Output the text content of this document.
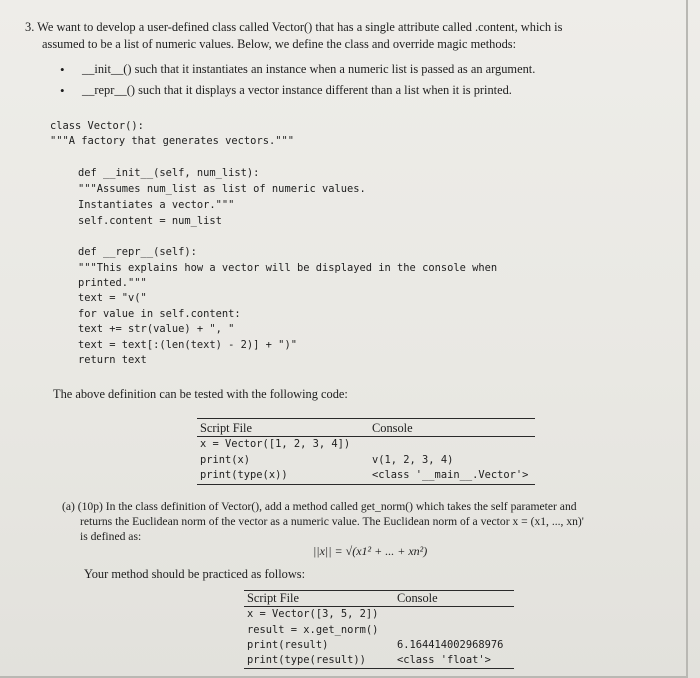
3. We want to develop a user-defined class called Vector() that has a single attribute called .content, which is
assumed to be a list of numeric values. Below, we define the class and override magic methods:
• __init__() such that it instantiates an instance when a numeric list is passed as an argument.
• __repr__() such that it displays a vector instance different than a list when it is printed.
class Vector():
"""A factory that generates vectors."""
def __init__(self, num_list):
"""Assumes num_list as list of numeric values.
Instantiates a vector."""
self.content = num_list
def __repr__(self):
"""This explains how a vector will be displayed in the console when
printed."""
text = "v("
for value in self.content:
text += str(value) + ", "
text = text[:(len(text) - 2)] + ")"
return text
The above definition can be tested with the following code:
Script File	Console
x = Vector([1, 2, 3, 4])
print(x)
print(type(x))
v(1, 2, 3, 4)
<class '__main__.Vector'>
(a) (10p) In the class definition of Vector(), add a method called get_norm() which takes the self parameter and
returns the Euclidean norm of the vector as a numeric value. The Euclidean norm of a vector x = (x1, ..., xn)'
is defined as:
||x|| = √(x1² + ... + xn²)
Your method should be practiced as follows:
Script File	Console
x = Vector([3, 5, 2])
result = x.get_norm()
print(result)
print(type(result))
6.164414002968976
<class 'float'>
